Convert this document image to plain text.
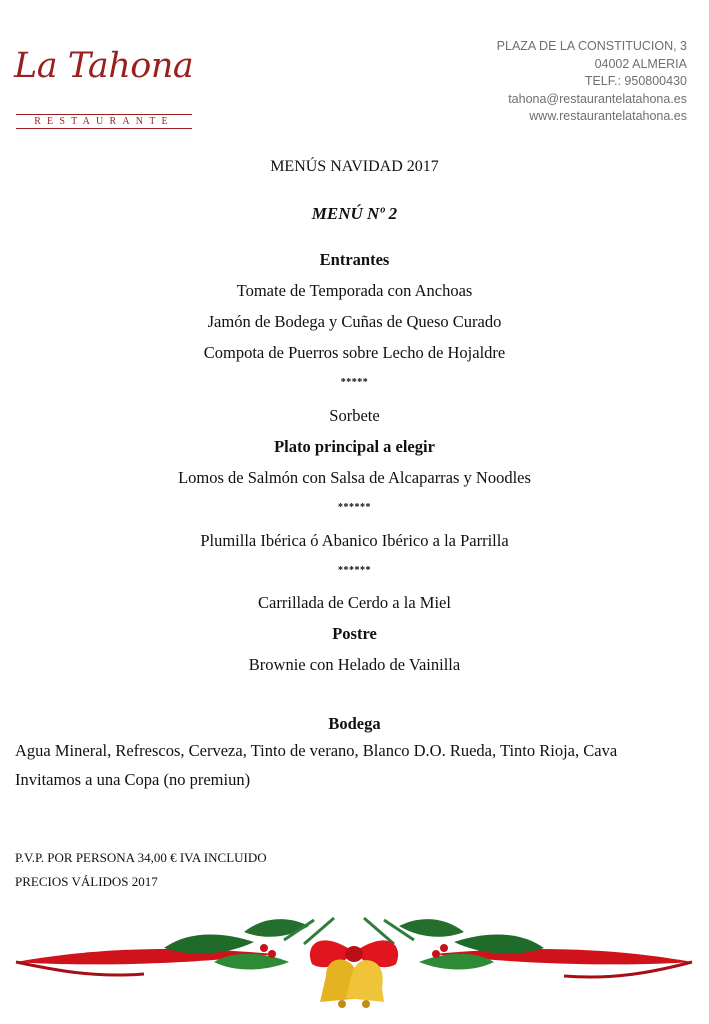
La Tahona
RESTAURANTE
PLAZA DE LA CONSTITUCION, 3
04002 ALMERIA
TELF.: 950800430
tahona@restaurantelatahona.es
www.restaurantelatahona.es
MENÚS NAVIDAD 2017
MENÚ Nº 2
Entrantes
Tomate de Temporada con Anchoas
Jamón de Bodega y Cuñas de Queso Curado
Compota de Puerros sobre Lecho de Hojaldre
*****
Sorbete
Plato principal a elegir
Lomos de Salmón con Salsa de Alcaparras y Noodles
******
Plumilla Ibérica ó Abanico Ibérico a la Parrilla
******
Carrillada de Cerdo a la Miel
Postre
Brownie con Helado de Vainilla
Bodega
Agua Mineral, Refrescos, Cerveza, Tinto de verano, Blanco D.O. Rueda, Tinto Rioja, Cava
Invitamos a una Copa (no premiun)
P.V.P. POR PERSONA 34,00 € IVA INCLUIDO
PRECIOS VÁLIDOS 2017
